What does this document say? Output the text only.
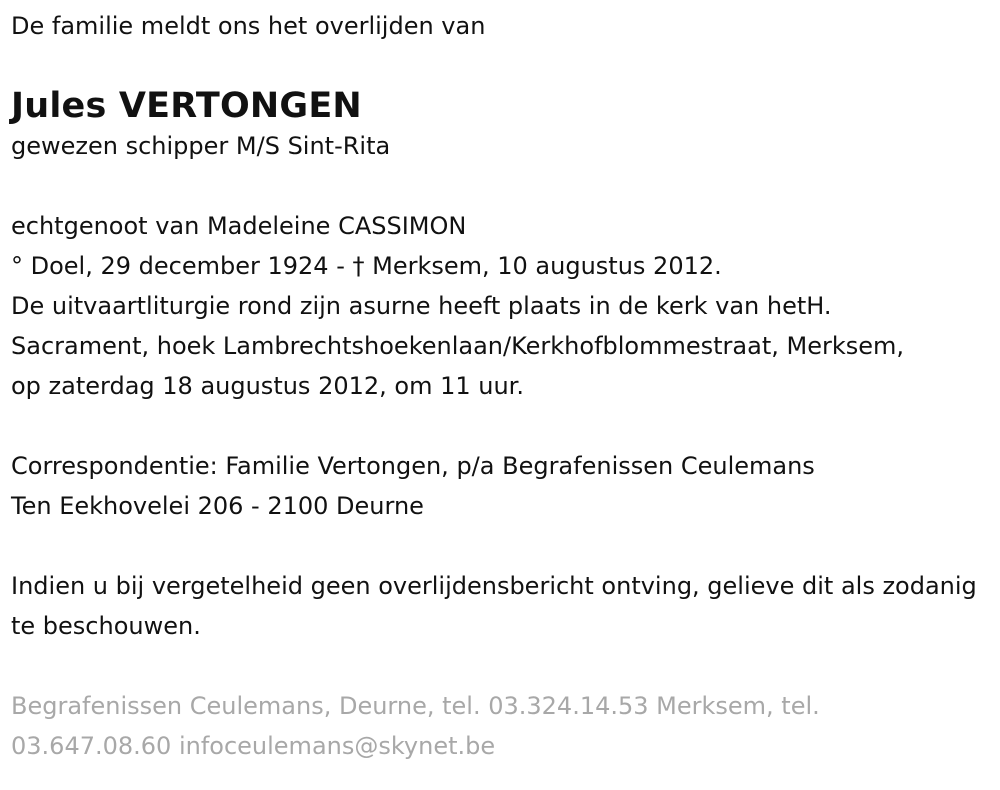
De familie meldt ons het overlijden van
Jules VERTONGEN
gewezen schipper M/S Sint-Rita
echtgenoot van Madeleine CASSIMON
° Doel, 29 december 1924 - † Merksem, 10 augustus 2012.
De uitvaartliturgie rond zijn asurne heeft plaats in de kerk van hetH. Sacrament, hoek Lambrechtshoekenlaan/Kerkhofblommestraat, Merksem, op zaterdag 18 augustus 2012, om 11 uur.
Correspondentie: Familie Vertongen, p/a Begrafenissen Ceulemans
Ten Eekhovelei 206 - 2100 Deurne
Indien u bij vergetelheid geen overlijdensbericht ontving, gelieve dit als zodanig te beschouwen.
Begrafenissen Ceulemans, Deurne, tel. 03.324.14.53 Merksem, tel. 03.647.08.60 infoceulemans@skynet.be
